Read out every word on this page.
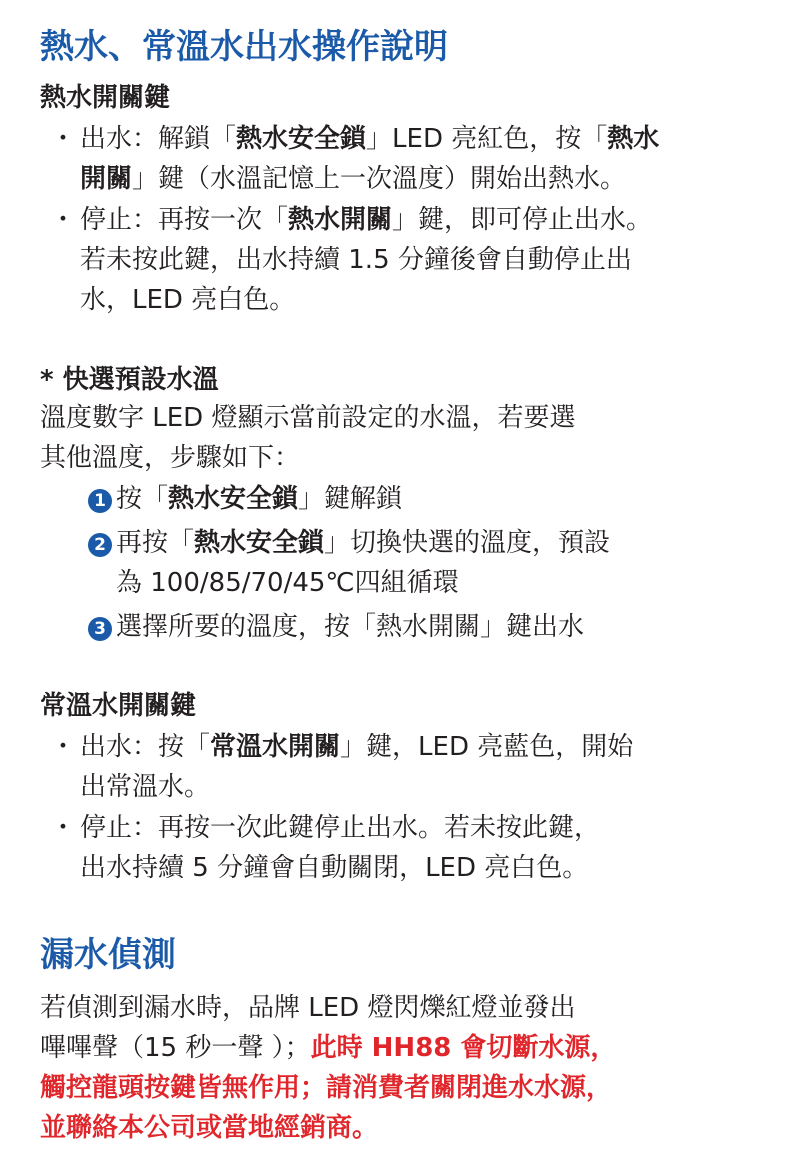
熱水、常溫水出水操作說明
熱水開關鍵
・ 出水：解鎖「熱水安全鎖」LED 亮紅色，按「熱水
開關」鍵（水溫記憶上一次溫度）開始出熱水。
・ 停止：再按一次「熱水開關」鍵，即可停止出水。
若未按此鍵，出水持續 1.5 分鐘後會自動停止出
水，LED 亮白色。
* 快選預設水溫
溫度數字 LED 燈顯示當前設定的水溫，若要選
其他溫度，步驟如下：
1 按「熱水安全鎖」鍵解鎖
2 再按「熱水安全鎖」切換快選的溫度，預設
為 100/85/70/45℃四組循環
3 選擇所要的溫度，按「熱水開關」鍵出水
常溫水開關鍵
・ 出水：按「常溫水開關」鍵，LED 亮藍色，開始
出常溫水。
・ 停止：再按一次此鍵停止出水。若未按此鍵，
出水持續 5 分鐘會自動關閉，LED 亮白色。
漏水偵測
若偵測到漏水時，品牌 LED 燈閃爍紅燈並發出
嗶嗶聲（15 秒一聲 ）；此時 HH88 會切斷水源，
觸控龍頭按鍵皆無作用；請消費者關閉進水水源，
並聯絡本公司或當地經銷商。
